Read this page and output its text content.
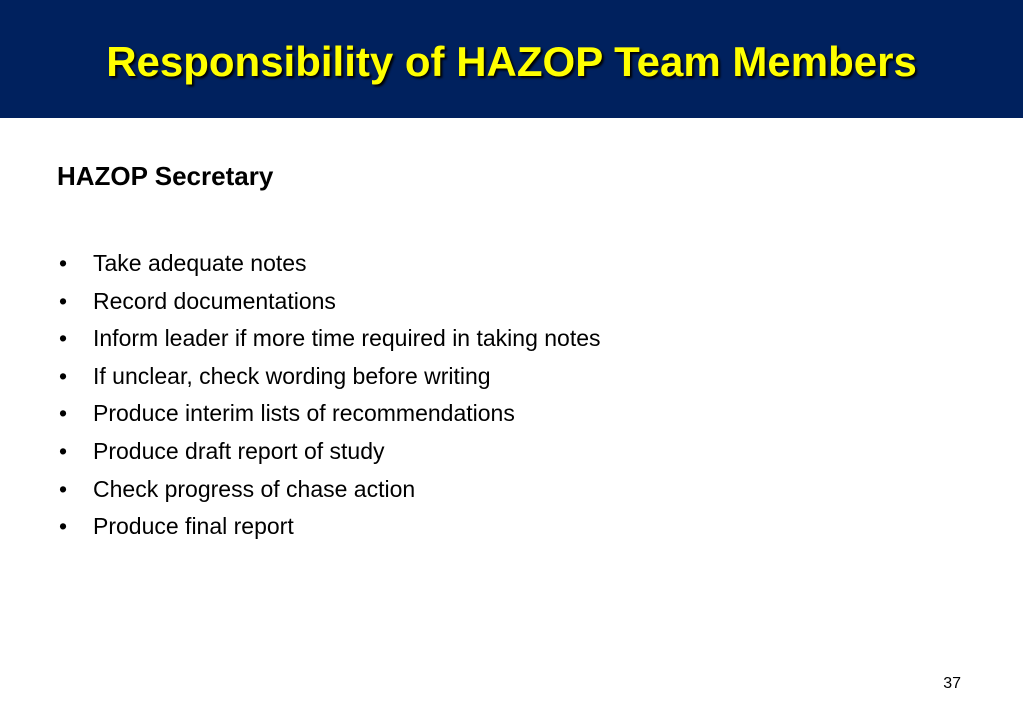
Responsibility of HAZOP Team Members
HAZOP Secretary
•	Take adequate notes
•	Record documentations
•	Inform leader if more time required in taking notes
•	If unclear, check wording before writing
•	Produce interim lists of recommendations
•	Produce draft report of study
•	Check progress of chase action
•	Produce final report
37
